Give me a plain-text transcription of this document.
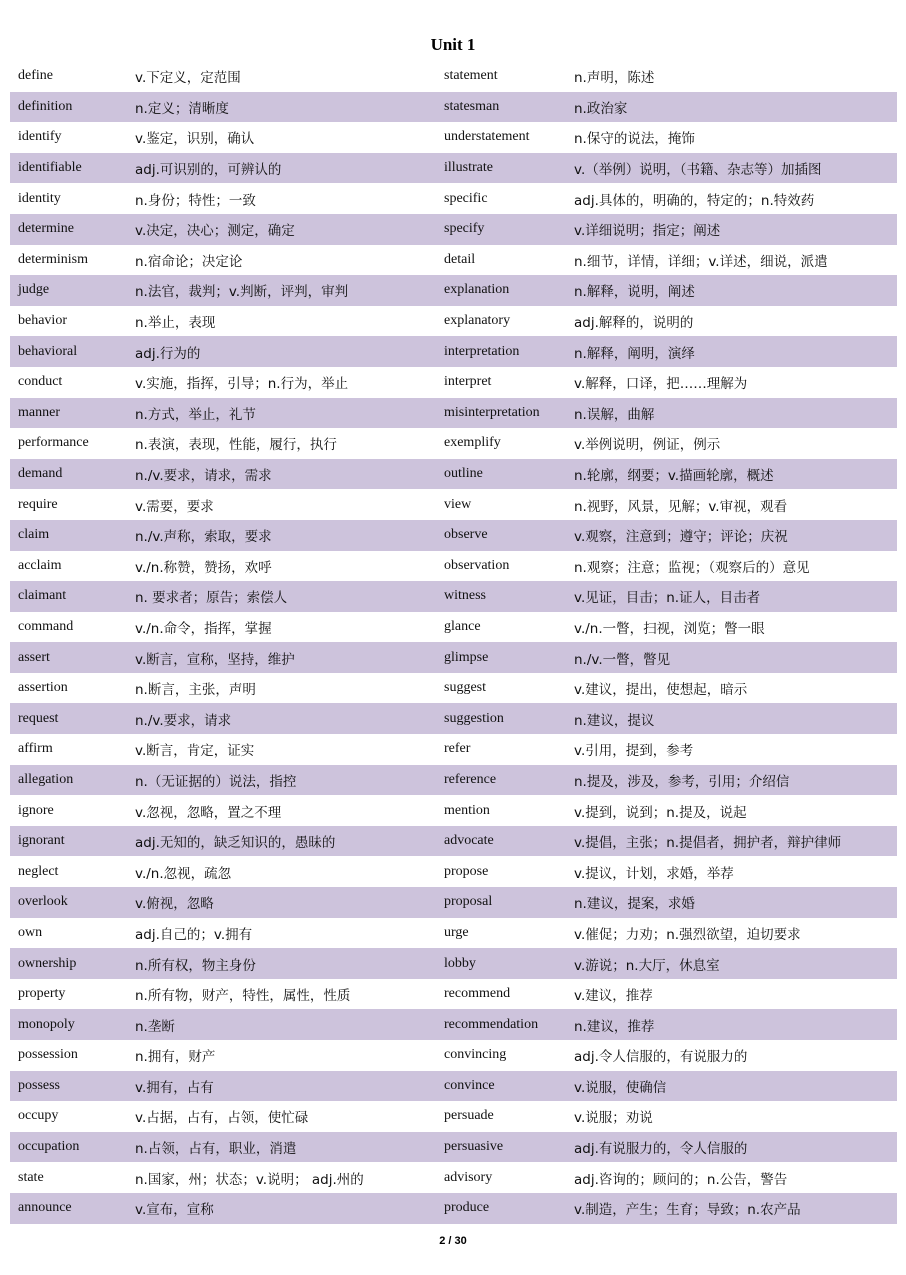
Unit 1
define	v.下定义，定范围	statement	n.声明，陈述
definition	n.定义；清晰度	statesman	n.政治家
identify	v.鉴定，识别，确认	understatement	n.保守的说法，掩饰
identifiable	adj.可识别的，可辨认的	illustrate	v.（举例）说明，（书籍、杂志等）加插图
identity	n.身份；特性；一致	specific	adj.具体的，明确的，特定的；n.特效药
determine	v.决定，决心；测定，确定	specify	v.详细说明；指定；阐述
determinism	n.宿命论；决定论	detail	n.细节，详情，详细；v.详述，细说，派遣
judge	n.法官，裁判；v.判断，评判，审判	explanation	n.解释，说明，阐述
behavior	n.举止，表现	explanatory	adj.解释的，说明的
behavioral	adj.行为的	interpretation	n.解释，阐明，演绎
conduct	v.实施，指挥，引导；n.行为，举止	interpret	v.解释，口译，把……理解为
manner	n.方式，举止，礼节	misinterpretation	n.误解，曲解
performance	n.表演，表现，性能，履行，执行	exemplify	v.举例说明，例证，例示
demand	n./v.要求，请求，需求	outline	n.轮廓，纲要；v.描画轮廓，概述
require	v.需要，要求	view	n.视野，风景，见解；v.审视，观看
claim	n./v.声称，索取，要求	observe	v.观察，注意到；遵守；评论；庆祝
acclaim	v./n.称赞，赞扬，欢呼	observation	n.观察；注意；监视；（观察后的）意见
claimant	n. 要求者；原告；索偿人	witness	v.见证，目击；n.证人，目击者
command	v./n.命令，指挥，掌握	glance	v./n.一瞥，扫视，浏览；瞥一眼
assert	v.断言，宣称，坚持，维护	glimpse	n./v.一瞥，瞥见
assertion	n.断言，主张，声明	suggest	v.建议，提出，使想起，暗示
request	n./v.要求，请求	suggestion	n.建议，提议
affirm	v.断言，肯定，证实	refer	v.引用，提到，参考
allegation	n.（无证据的）说法，指控	reference	n.提及，涉及，参考，引用；介绍信
ignore	v.忽视，忽略，置之不理	mention	v.提到，说到；n.提及，说起
ignorant	adj.无知的，缺乏知识的，愚昧的	advocate	v.提倡，主张；n.提倡者，拥护者，辩护律师
neglect	v./n.忽视，疏忽	propose	v.提议，计划，求婚，举荐
overlook	v.俯视，忽略	proposal	n.建议，提案，求婚
own	adj.自己的；v.拥有	urge	v.催促；力劝；n.强烈欲望，迫切要求
ownership	n.所有权，物主身份	lobby	v.游说；n.大厅，休息室
property	n.所有物，财产，特性，属性，性质	recommend	v.建议，推荐
monopoly	n.垄断	recommendation	n.建议，推荐
possession	n.拥有，财产	convincing	adj.令人信服的，有说服力的
possess	v.拥有，占有	convince	v.说服，使确信
occupy	v.占据，占有，占领，使忙碌	persuade	v.说服；劝说
occupation	n.占领，占有，职业，消遣	persuasive	adj.有说服力的，令人信服的
state	n.国家，州；状态；v.说明； adj.州的	advisory	adj.咨询的；顾问的；n.公告，警告
announce	v.宣布，宣称	produce	v.制造，产生；生育；导致；n.农产品
2 / 30
